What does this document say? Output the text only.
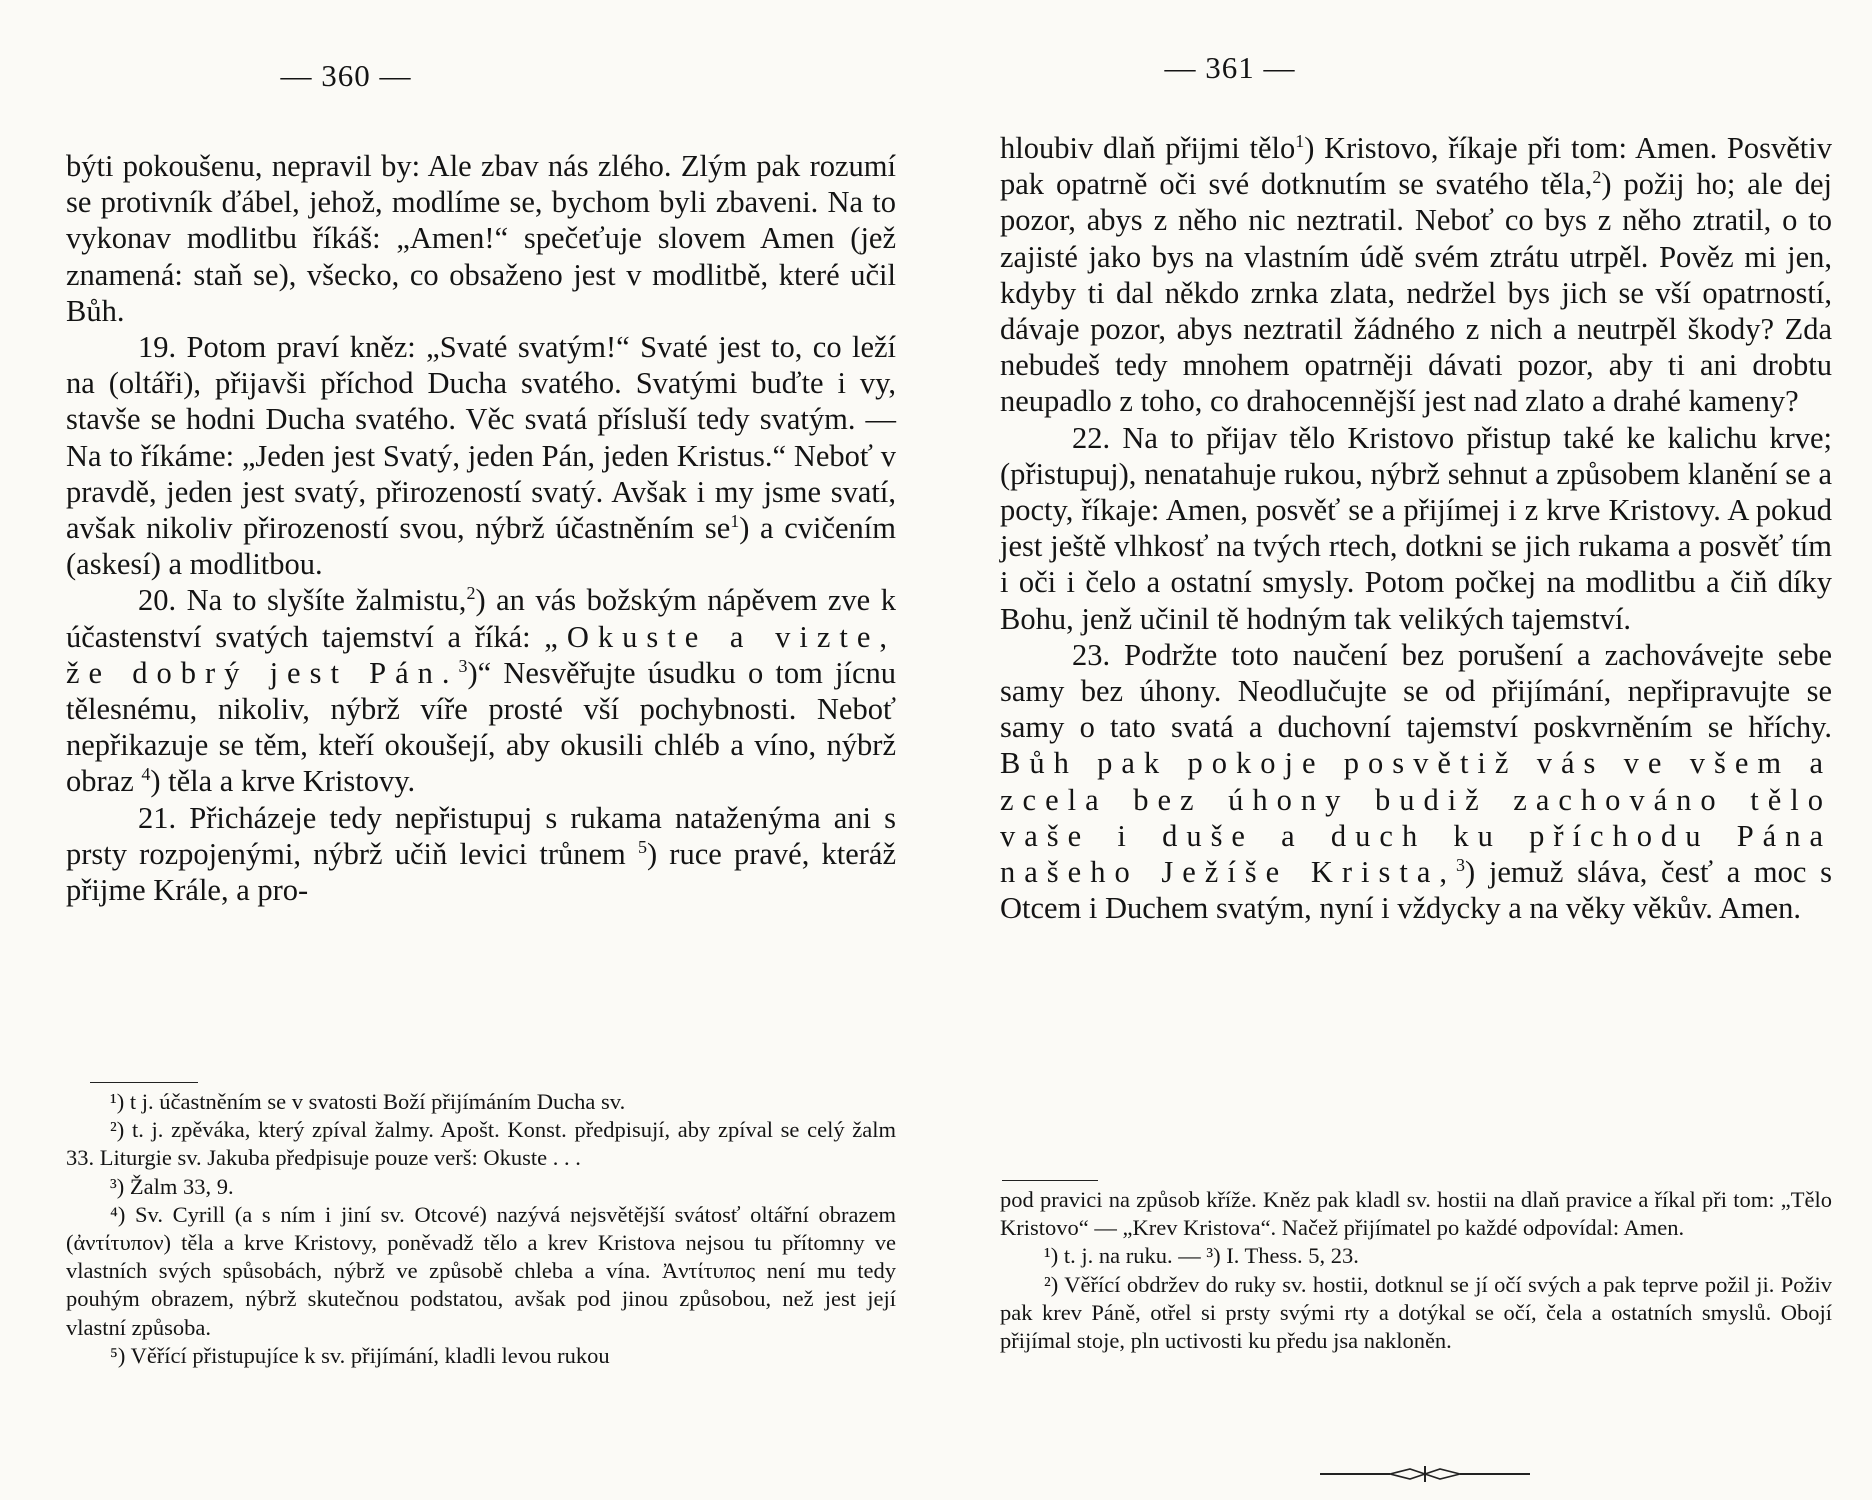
— 360 —

býti pokoušenu, nepravil by: Ale zbav nás zlého. Zlým pak rozumí se protivník ďábel, jehož, modlíme se, bychom byli zbaveni. Na to vykonav modlitbu říkáš: „Amen!“ spečeťuje slovem Amen (jež znamená: staň se), všecko, co obsaženo jest v modlitbě, které učil Bůh.

19. Potom praví kněz: „Svaté svatým!“ Svaté jest to, co leží na (oltáři), přijavši příchod Ducha svatého. Svatými buďte i vy, stavše se hodni Ducha svatého. Věc svatá přísluší tedy svatým. — Na to říkáme: „Jeden jest Svatý, jeden Pán, jeden Kristus.“ Neboť v pravdě, jeden jest svatý, přirozeností svatý. Avšak i my jsme svatí, avšak nikoliv přirozeností svou, nýbrž účastněním $se^1$) a cvičením (askesí) a modlitbou.

20. Na to slyšíte žalmistu,$^2$) an vás božským nápěvem zve k účastenství svatých tajemství a říká: „Okuste a vizte, že dobrý jest Pán.$^3$)“ Nesvěřujte úsudku o tom jícnu tělesnému, nikoliv, nýbrž víře prosté vší pochybnosti. Neboť nepřikazuje se těm, kteří okoušejí, aby okusili chléb a víno, nýbrž obraz $^4$) těla a krve Kristovy.

21. Přicházeje tedy nepřistupuj s rukama nataženýma ani s prsty rozpojenými, nýbrž učiň levici trůnem $^5$) ruce pravé, kteráž přijme Krále, a pro-

¹) t j. účastněním se v svatosti Boží přijímáním Ducha sv.

²) t. j. zpěváka, který zpíval žalmy. Apošt. Konst. předpisují, aby zpíval se celý žalm 33. Liturgie sv. Jakuba předpisuje pouze verš: Okuste . . .

³) Žalm 33, 9.

⁴) Sv. Cyrill (a s ním i jiní sv. Otcové) nazývá nejsvětější svátosť oltářní obrazem (ἀντίτυπον) těla a krve Kristovy, poněvadž tělo a krev Kristova nejsou tu přítomny ve vlastních svých spůsobách, nýbrž ve způsobě chleba a vína. Ἀντίτυπος není mu tedy pouhým obrazem, nýbrž skutečnou podstatou, avšak pod jinou způsobou, než jest její vlastní způsoba.

⁵) Věřící přistupujíce k sv. přijímání, kladli levou rukou

— 361 —

hloubiv dlaň přijmi tělo$^1$) Kristovo, říkaje při tom: Amen. Posvětiv pak opatrně oči své dotknutím se svatého těla,$^2$) požij ho; ale dej pozor, abys z něho nic neztratil. Neboť co bys z něho ztratil, o to zajisté jako bys na vlastním údě svém ztrátu utrpěl. Pověz mi jen, kdyby ti dal někdo zrnka zlata, nedržel bys jich se vší opatrností, dávaje pozor, abys neztratil žádného z nich a neutrpěl škody? Zda nebudeš tedy mnohem opatrněji dávati pozor, aby ti ani drobtu neupadlo z toho, co drahocennější jest nad zlato a drahé kameny?

22. Na to přijav tělo Kristovo přistup také ke kalichu krve; (přistupuj), nenatahuje rukou, nýbrž sehnut a způsobem klanění se a pocty, říkaje: Amen, posvěť se a přijímej i z krve Kristovy. A pokud jest ještě vlhkosť na tvých rtech, dotkni se jich rukama a posvěť tím i oči i čelo a ostatní smysly. Potom počkej na modlitbu a čiň díky Bohu, jenž učinil tě hodným tak velikých tajemství.

23. Podržte toto naučení bez porušení a zachovávejte sebe samy bez úhony. Neodlučujte se od přijímání, nepřipravujte se samy o tato svatá a duchovní tajemství poskvrněním se hříchy. Bůh pak pokoje posvětiž vás ve všem a zcela bez úhony budiž zachováno tělo vaše i duše a duch ku příchodu Pána našeho Ježíše Krista,$^3$) jemuž sláva, česť a moc s Otcem i Duchem svatým, nyní i vždycky a na věky věkův. Amen.

pod pravici na způsob kříže. Kněz pak kladl sv. hostii na dlaň pravice a říkal při tom: „Tělo Kristovo“ — „Krev Kristova“. Načež přijímatel po každé odpovídal: Amen.

¹) t. j. na ruku. — ³) I. Thess. 5, 23.

²) Věřící obdržev do ruky sv. hostii, dotknul se jí očí svých a pak teprve požil ji. Poživ pak krev Páně, otřel si prsty svými rty a dotýkal se očí, čela a ostatních smyslů. Obojí přijímal stoje, pln uctivosti ku předu jsa nakloněn.
